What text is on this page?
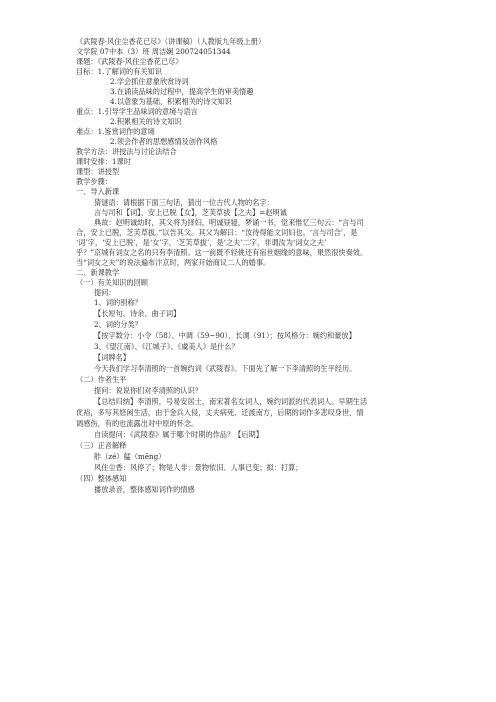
《武陵春·风住尘香花已尽》（讲课稿）（人教版九年级上册）
文学院 07中本（3）班 周洁娴 200724051344
课题：《武陵春·风住尘香花已尽》
目标：1.了解词的有关知识
2.学会抓住意象欣赏诗词
3.在诵读品味的过程中，提高学生的审美情趣
4.以意象为基础，积累相关的诗文知识
重点：1.引导学生品味词的意境与语言
2.积累相关的诗文知识
难点：1.鉴赏词作的意境
2.领会作者的思想感情及创作风格
教学方法：讲授法与讨论法结合
课时安排：1课时
课型：讲授型
教学步骤：
一、导入新课
猜谜语：请根据下面三句话，猜出一位古代人物的名字：
言与司和【词】，安上已脱【女】，芝芙草拔【之夫】=赵明诚
典故：赵明诚幼时，其父将为择妇，明诚昼寝，梦诵一书，觉来惟忆三句云：“言与司
合，安上已脱，芝芙草拔。”以告其父。其父为解曰：“汝待得能文词妇也。‘言与司合’，是
‘词’字，‘安上已脱’，是‘女’字，‘芝芙草拔’，是‘之夫’二字，非谓汝为‘词女之夫’
乎？”京城有词女之名的只有李清照。这一前既不轻佻还有宿世姻缘的意味，果然很快奏效。
当“词女之夫”的说法遍布汴京时，两家开始商议二人的婚事。
二、新课教学
（一）有关知识的回顾
提问：
1、词的别称？
【长短句、诗余、曲子词】
2、词的分类？
【按字数分：小令（58）、中调（59~90）、长调（91）；按风格分：婉约和豪放】
3、《望江南》、《江城子》、《虞美人》是什么？
【词牌名】
今天我们学习李清照的一首婉约词《武陵春》。下面先了解一下李清照的生平经历。
（二）作者生平
提问：说说你们对李清照的认识？
【总结归纳】李清照，号易安居士，南宋著名女词人，婉约词派的代表词人。早期生活
优裕，多写其悠闲生活，由于金兵入侵，丈夫病死，迁渡南方，后期的词作多悲叹身世，情
调感伤，有的也流露出对中原的怀念。
自读提问：《武陵春》属于哪个时期的作品？【后期】
（三）正音解释
舴（zé）艋（měng）
风住尘香：风停了；物是人非：景物依旧、人事已变；拟：打算；
（四）整体感知
播放录音，整体感知词作的情感
